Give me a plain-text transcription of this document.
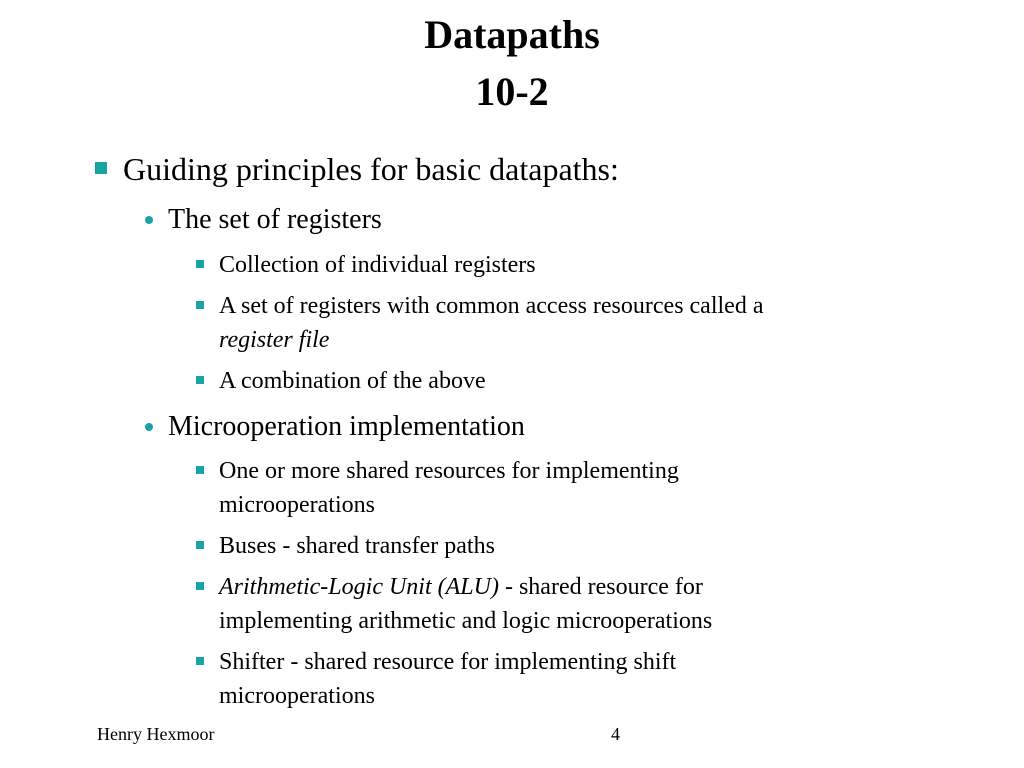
Datapaths
10-2

Guiding principles for basic datapaths:

The set of registers

Collection of individual registers

A set of registers with common access resources called a

register file

A combination of the above

Microoperation implementation

One or more shared resources for implementing

microoperations

Buses - shared transfer paths

Arithmetic-Logic Unit (ALU) - shared resource for

implementing arithmetic and logic microoperations

Shifter - shared resource for implementing shift

microoperations

Henry Hexmoor	4
